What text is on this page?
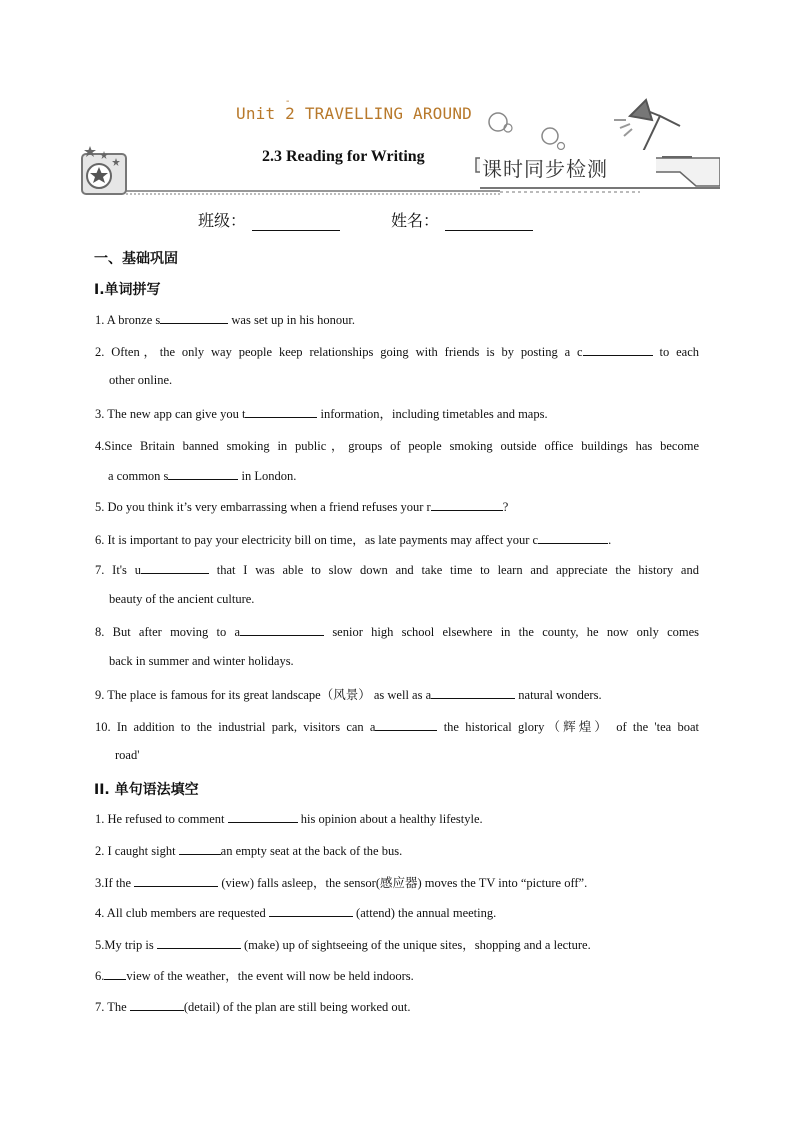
-
Unit 2 TRAVELLING AROUND
2.3 Reading for Writing
课时同步检测
班级：	姓名：
一、基础巩固
I.单词拼写
1. A bronze s	was set up in his honour.
2. Often，the only way people keep relationships going with friends is by posting a c	to each
other online.
3. The new app can give you t	information，including timetables and maps.
4.Since Britain banned smoking in public，groups of people smoking outside office buildings has become
a common s	in London.
5. Do you think it’s very embarrassing when a friend refuses your r	?
6. It is important to pay your electricity bill on time，as late payments may affect your c	.
7. It's u	that I was able to slow down and take time to learn and appreciate the history and
beauty of the ancient culture.
8. But after moving to a	senior high school elsewhere in the county, he now only comes
back in summer and winter holidays.
9. The place is famous for its great landscape（风景） as well as a	natural wonders.
10. In addition to the industrial park, visitors can a	the historical glory（辉煌） of the 'tea boat
road'
II. 单句语法填空
1. He refused to comment	his opinion about a healthy lifestyle.
2. I caught sight	an empty seat at the back of the bus.
3.If the	(view) falls asleep，the sensor(感应器) moves the TV into “picture off”.
4. All club members are requested	(attend) the annual meeting.
5.My trip is	(make) up of sightseeing of the unique sites，shopping and a lecture.
6. view of the weather，the event will now be held indoors.
7. The	(detail) of the plan are still being worked out.
